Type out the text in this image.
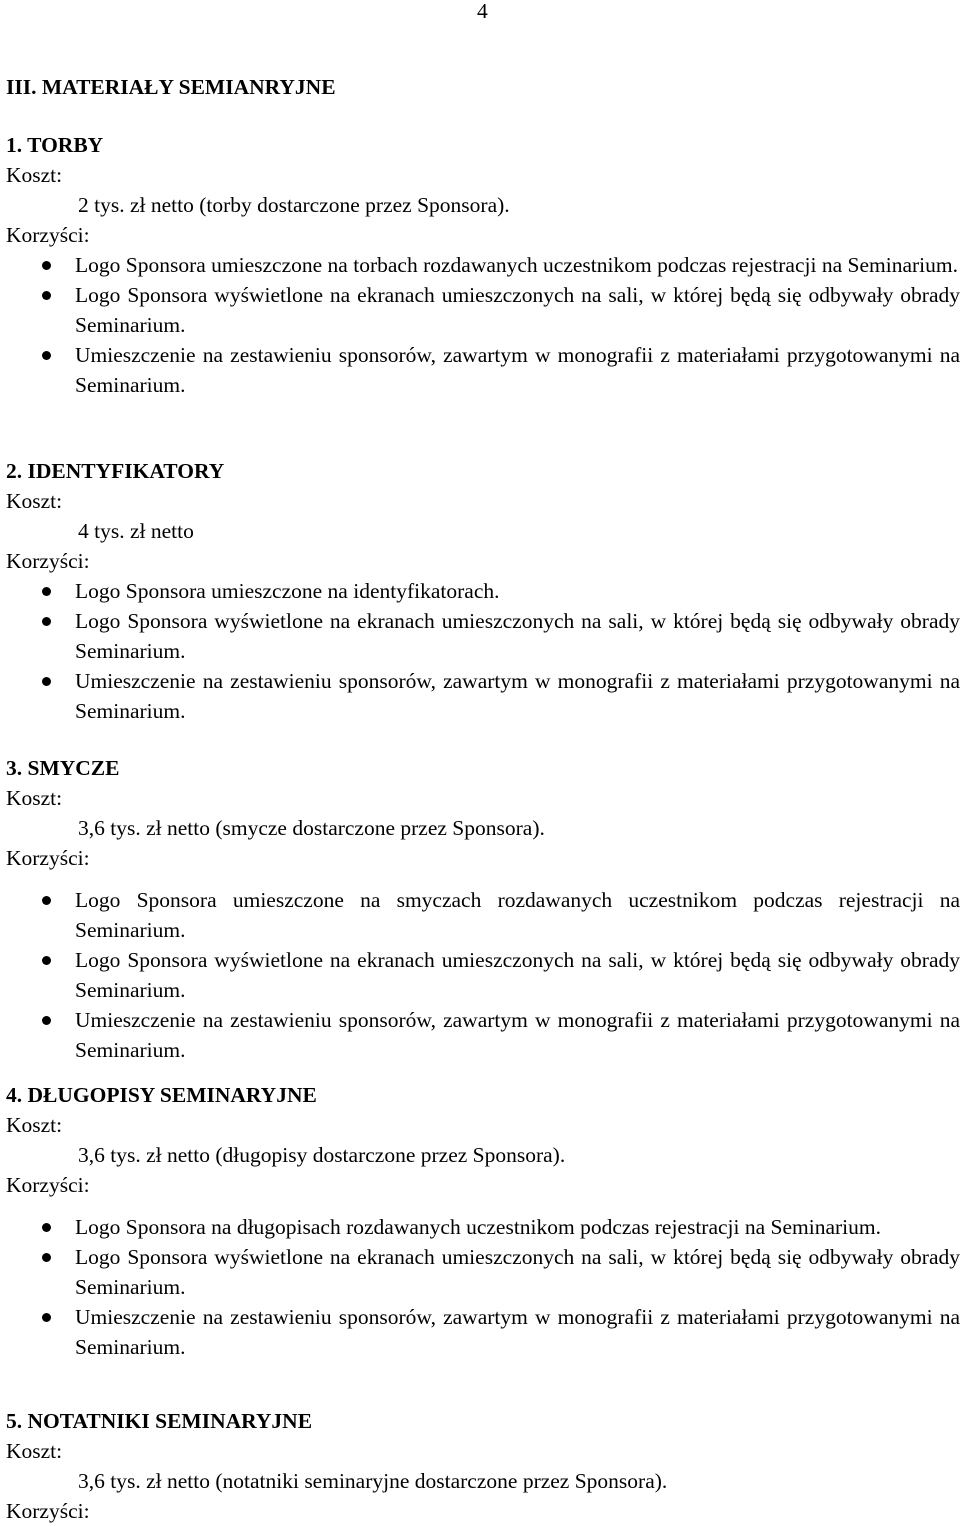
4
III. MATERIAŁY SEMIANRYJNE
1. TORBY
Koszt:
2 tys. zł netto (torby dostarczone przez Sponsora).
Korzyści:
Logo Sponsora umieszczone na torbach rozdawanych uczestnikom podczas rejestracji na Seminarium.
Logo Sponsora wyświetlone na ekranach umieszczonych na sali, w której będą się odbywały obrady Seminarium.
Umieszczenie na zestawieniu sponsorów, zawartym w monografii z materiałami przygotowanymi na Seminarium.
2. IDENTYFIKATORY
Koszt:
4 tys. zł netto
Korzyści:
Logo Sponsora umieszczone na identyfikatorach.
Logo Sponsora wyświetlone na ekranach umieszczonych na sali, w której będą się odbywały obrady Seminarium.
Umieszczenie na zestawieniu sponsorów, zawartym w monografii z materiałami przygotowanymi na Seminarium.
3. SMYCZE
Koszt:
3,6 tys. zł netto (smycze dostarczone przez Sponsora).
Korzyści:
Logo Sponsora umieszczone na smyczach rozdawanych uczestnikom podczas rejestracji na Seminarium.
Logo Sponsora wyświetlone na ekranach umieszczonych na sali, w której będą się odbywały obrady Seminarium.
Umieszczenie na zestawieniu sponsorów, zawartym w monografii z materiałami przygotowanymi na Seminarium.
4. DŁUGOPISY SEMINARYJNE
Koszt:
3,6 tys. zł netto (długopisy dostarczone przez Sponsora).
Korzyści:
Logo Sponsora na długopisach rozdawanych uczestnikom podczas rejestracji na Seminarium.
Logo Sponsora wyświetlone na ekranach umieszczonych na sali, w której będą się odbywały obrady Seminarium.
Umieszczenie na zestawieniu sponsorów, zawartym w monografii z materiałami przygotowanymi na Seminarium.
5. NOTATNIKI SEMINARYJNE
Koszt:
3,6 tys. zł netto (notatniki seminaryjne dostarczone przez Sponsora).
Korzyści:
